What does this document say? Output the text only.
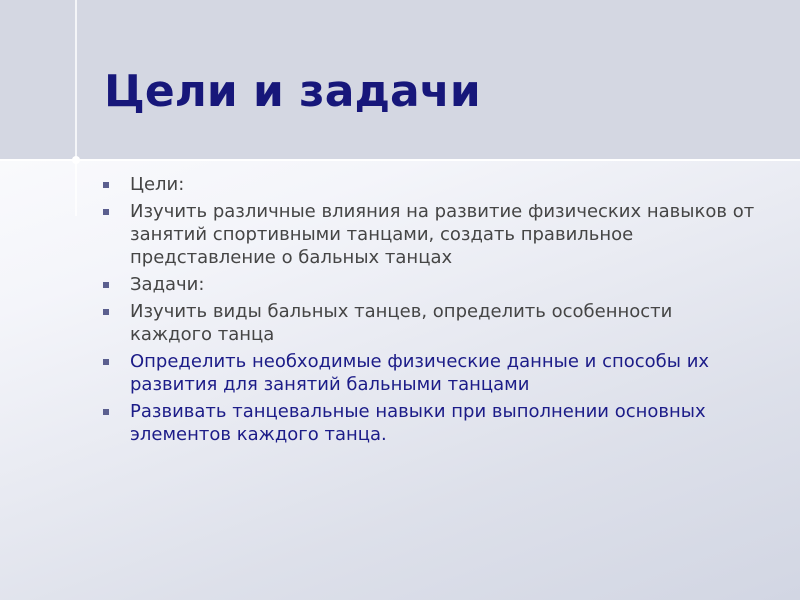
Цели и задачи
Цели:
Изучить различные влияния на развитие физических навыков от занятий спортивными танцами, создать правильное представление о бальных танцах
Задачи:
Изучить виды бальных танцев, определить особенности каждого танца
Определить необходимые физические данные и способы их развития для занятий бальными танцами
Развивать танцевальные навыки при выполнении основных элементов каждого танца.
